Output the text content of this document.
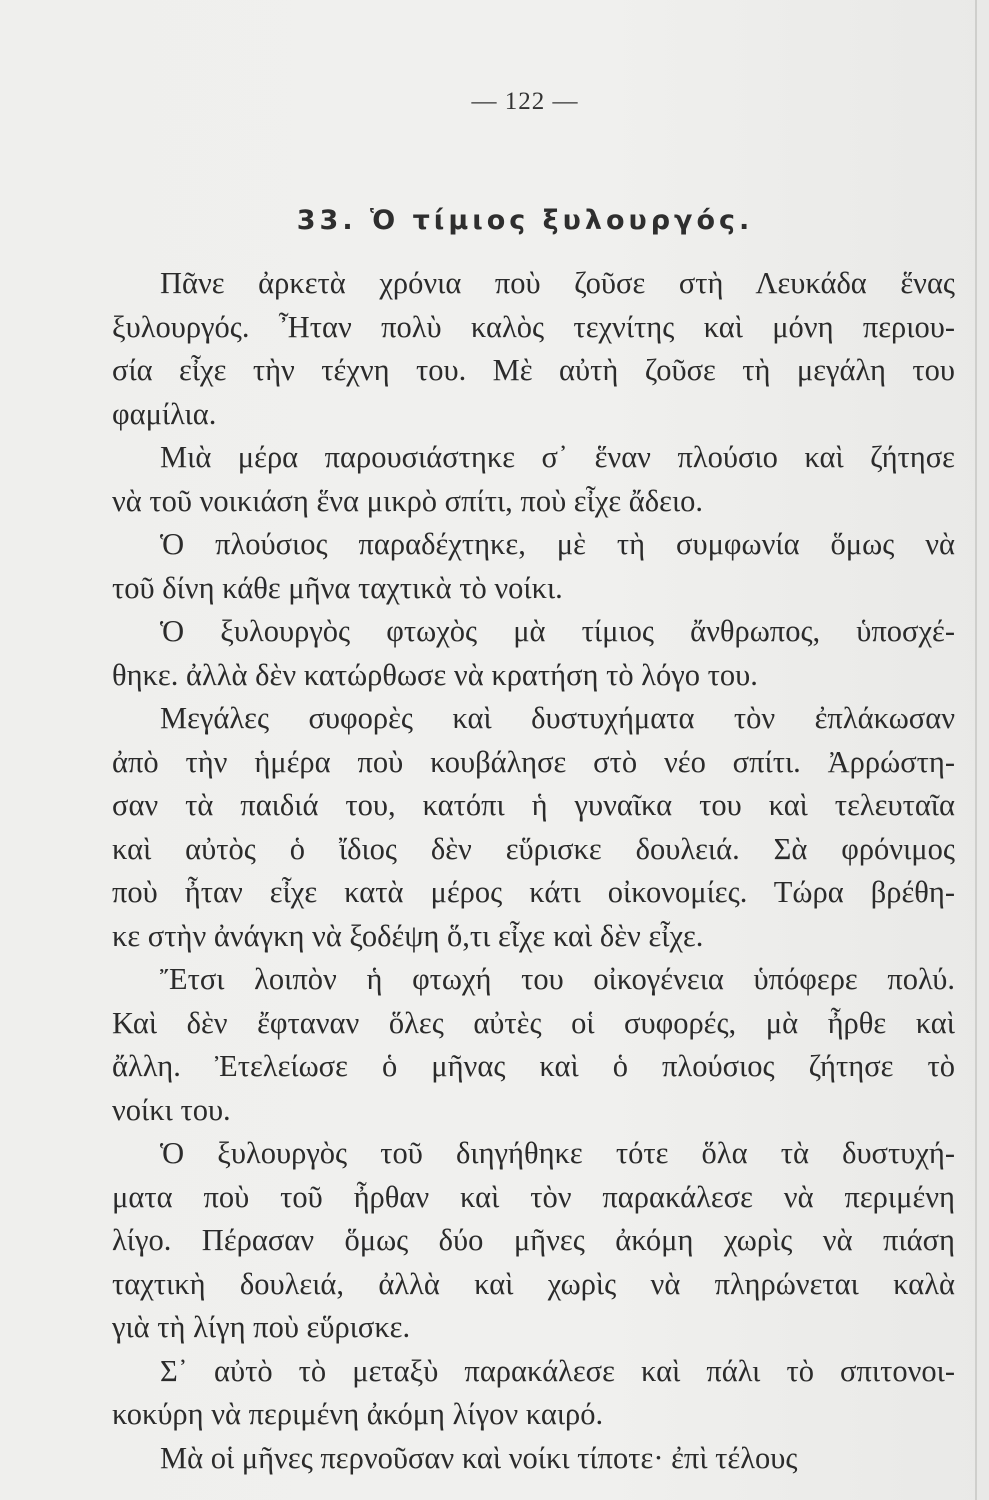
— 122 —
33. Ὁ τίμιος ξυλουργός.
Πᾶνε ἀρκετὰ χρόνια ποὺ ζοῦσε στὴ Λευκάδα ἕνας
ξυλουργός. Ἦταν πολὺ καλὸς τεχνίτης καὶ μόνη περιου-
σία εἶχε τὴν τέχνη του. Μὲ αὐτὴ ζοῦσε τὴ μεγάλη του
φαμίλια.
Μιὰ μέρα παρουσιάστηκε σ᾿ ἕναν πλούσιο καὶ ζήτησε
νὰ τοῦ νοικιάση ἕνα μικρὸ σπίτι, ποὺ εἶχε ἄδειο.
Ὁ πλούσιος παραδέχτηκε, μὲ τὴ συμφωνία ὅμως νὰ
τοῦ δίνη κάθε μῆνα ταχτικὰ τὸ νοίκι.
Ὁ ξυλουργὸς φτωχὸς μὰ τίμιος ἄνθρωπος, ὑποσχέ-
θηκε. ἀλλὰ δὲν κατώρθωσε νὰ κρατήση τὸ λόγο του.
Μεγάλες συφορὲς καὶ δυστυχήματα τὸν ἐπλάκωσαν
ἀπὸ τὴν ἡμέρα ποὺ κουβάλησε στὸ νέο σπίτι. Ἀρρώστη-
σαν τὰ παιδιά του, κατόπι ἡ γυναῖκα του καὶ τελευταῖα
καὶ αὐτὸς ὁ ἴδιος δὲν εὕρισκε δουλειά. Σὰ φρόνιμος
ποὺ ἦταν εἶχε κατὰ μέρος κάτι οἰκονομίες. Τώρα βρέθη-
κε στὴν ἀνάγκη νὰ ξοδέψη ὅ,τι εἶχε καὶ δὲν εἶχε.
Ἔτσι λοιπὸν ἡ φτωχή του οἰκογένεια ὑπόφερε πολύ.
Καὶ δὲν ἔφταναν ὅλες αὐτὲς οἱ συφορές, μὰ ἦρθε καὶ
ἄλλη. Ἐτελείωσε ὁ μῆνας καὶ ὁ πλούσιος ζήτησε τὸ
νοίκι του.
Ὁ ξυλουργὸς τοῦ διηγήθηκε τότε ὅλα τὰ δυστυχή-
ματα ποὺ τοῦ ἦρθαν καὶ τὸν παρακάλεσε νὰ περιμένη
λίγο. Πέρασαν ὅμως δύο μῆνες ἀκόμη χωρὶς νὰ πιάση
ταχτικὴ δουλειά, ἀλλὰ καὶ χωρὶς νὰ πληρώνεται καλὰ
γιὰ τὴ λίγη ποὺ εὕρισκε.
Σ᾿ αὐτὸ τὸ μεταξὺ παρακάλεσε καὶ πάλι τὸ σπιτονοι-
κοκύρη νὰ περιμένη ἀκόμη λίγον καιρό.
Μὰ οἱ μῆνες περνοῦσαν καὶ νοίκι τίποτε· ἐπὶ τέλους
